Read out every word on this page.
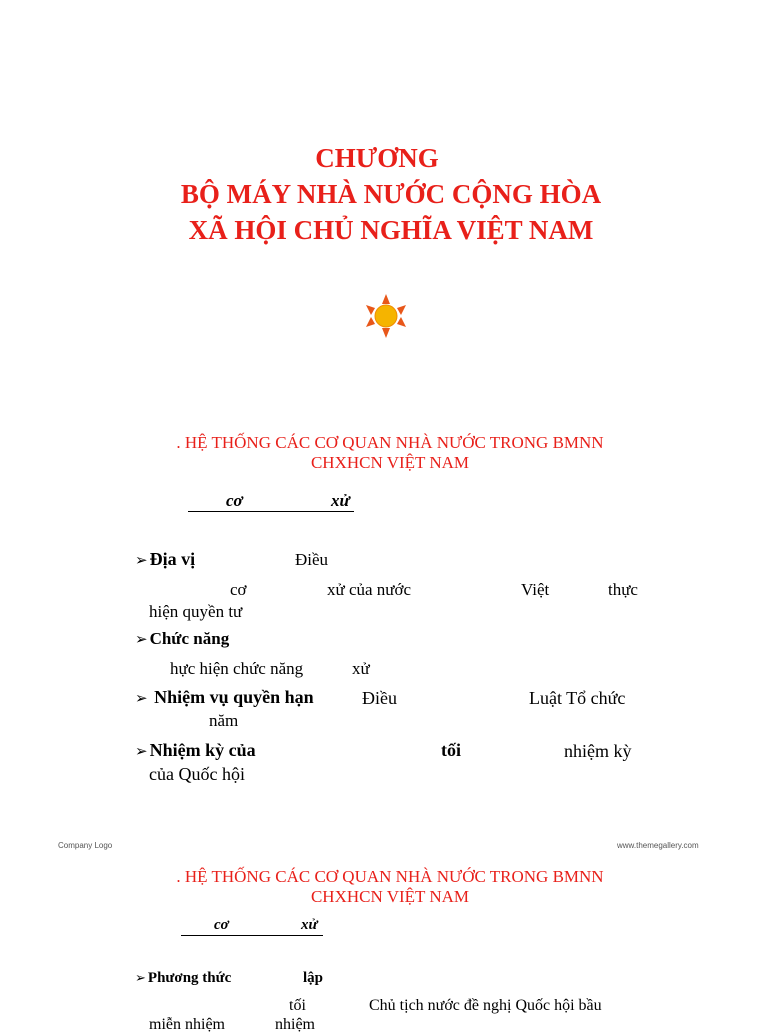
CHƯƠNG
BỘ MÁY NHÀ NƯỚC CỘNG HÒA
XÃ HỘI CHỦ NGHĨA VIỆT NAM
. HỆ THỐNG CÁC CƠ QUAN NHÀ NƯỚC TRONG BMNN
CHXHCN VIỆT NAM
cơ	xử
➢ Địa vị	Điều
cơ	xử của nước	Việt	thực
hiện quyền tư
➢ Chức năng
hực hiện chức năng	xử
➢ Nhiệm vụ quyền hạn	Điều	Luật Tổ chức
năm
➢ Nhiệm kỳ của	tối	nhiệm kỳ
của Quốc hội
Company Logo	www.themegallery.com
. HỆ THỐNG CÁC CƠ QUAN NHÀ NƯỚC TRONG BMNN
CHXHCN VIỆT NAM
cơ	xử
➢ Phương thức	lập
tối	Chủ tịch nước đề nghị Quốc hội bầu
miễn nhiệm	nhiệm
